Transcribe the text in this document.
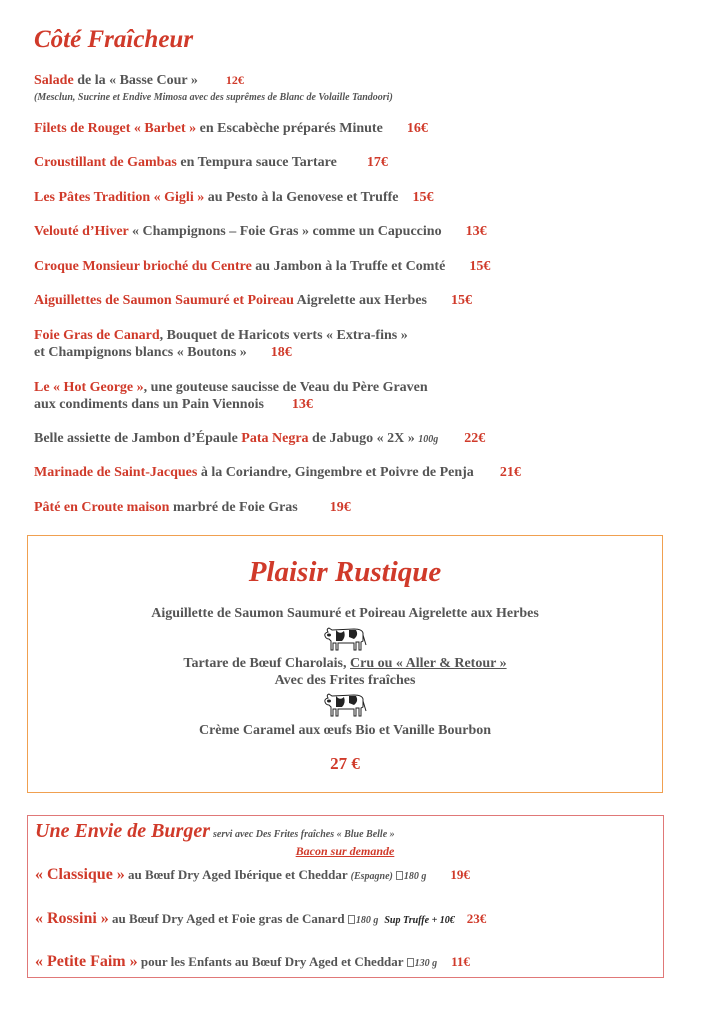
Côté Fraîcheur
Salade de la « Basse Cour » 12€
(Mesclun, Sucrine et Endive Mimosa avec des suprêmes de Blanc de Volaille Tandoori)
Filets de Rouget « Barbet » en Escabèche préparés Minute 16€
Croustillant de Gambas en Tempura sauce Tartare 17€
Les Pâtes Tradition « Gigli » au Pesto à la Genovese et Truffe 15€
Velouté d’Hiver « Champignons – Foie Gras » comme un Capuccino 13€
Croque Monsieur brioché du Centre au Jambon à la Truffe et Comté 15€
Aiguillettes de Saumon Saumuré et Poireau Aigrelette aux Herbes 15€
Foie Gras de Canard, Bouquet de Haricots verts « Extra-fins »
et Champignons blancs « Boutons » 18€
Le « Hot George », une gouteuse saucisse de Veau du Père Graven
aux condiments dans un Pain Viennois 13€
Belle assiette de Jambon d’Épaule Pata Negra de Jabugo « 2X » 100g 22€
Marinade de Saint-Jacques à la Coriandre, Gingembre et Poivre de Penja 21€
Pâté en Croute maison marbré de Foie Gras 19€
Plaisir Rustique
Aiguillette de Saumon Saumuré et Poireau Aigrelette aux Herbes
Tartare de Bœuf Charolais, Cru ou « Aller & Retour »
Avec des Frites fraîches
Crème Caramel aux œufs Bio et Vanille Bourbon
27 €
Une Envie de Burger servi avec Des Frites fraîches « Blue Belle »
Bacon sur demande
« Classique » au Bœuf Dry Aged Ibérique et Cheddar (Espagne) 180 g 19€
« Rossini » au Bœuf Dry Aged et Foie gras de Canard 180 g Sup Truffe + 10€ 23€
« Petite Faim » pour les Enfants au Bœuf Dry Aged et Cheddar 130 g 11€
